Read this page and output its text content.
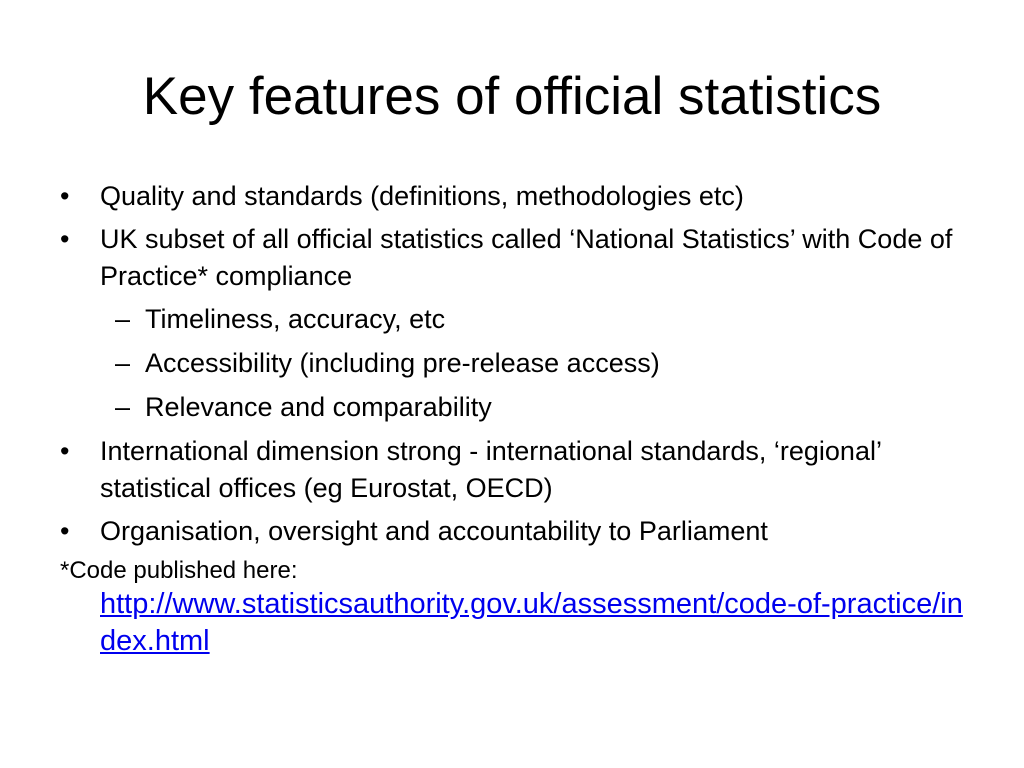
Key features of official statistics
•	Quality and standards (definitions, methodologies etc)
•	UK subset of all official statistics called ‘National Statistics’ with Code of Practice* compliance
– Timeliness, accuracy, etc
– Accessibility (including pre-release access)
– Relevance and comparability
•	International dimension strong - international standards, ‘regional’ statistical offices (eg Eurostat, OECD)
•	Organisation, oversight and accountability to Parliament
*Code published here:
http://www.statisticsauthority.gov.uk/assessment/code-of-practice/index.html
